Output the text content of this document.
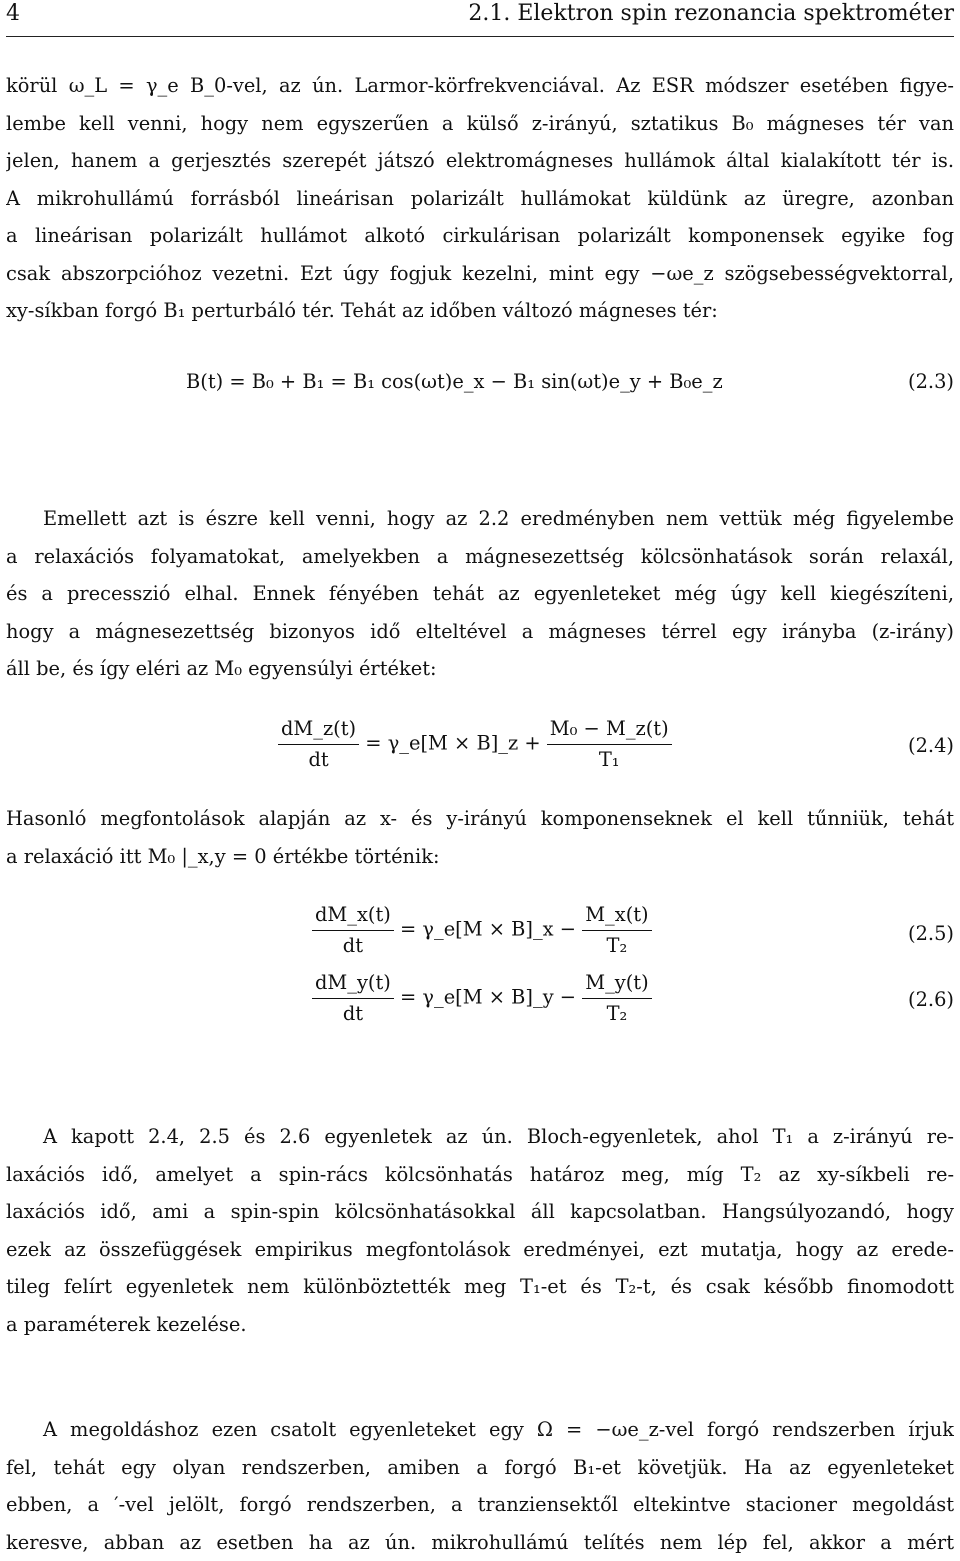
4	2.1. Elektron spin rezonancia spektrométer
körül ω_L = γ_e B_0-vel, az ún. Larmor-körfrekvenciával. Az ESR módszer esetében figye-
lembe kell venni, hogy nem egyszerűen a külső z-irányú, sztatikus B₀ mágneses tér van
jelen, hanem a gerjesztés szerepét játszó elektromágneses hullámok által kialakított tér is.
A mikrohullámú forrásból lineárisan polarizált hullámokat küldünk az üregre, azonban
a lineárisan polarizált hullámot alkotó cirkulárisan polarizált komponensek egyike fog
csak abszorpcióhoz vezetni. Ezt úgy fogjuk kezelni, mint egy −ωe_z szögsebességvektorral,
xy-síkban forgó B₁ perturbáló tér. Tehát az időben változó mágneses tér:
B(t) = B₀ + B₁ = B₁ cos(ωt)e_x − B₁ sin(ωt)e_y + B₀e_z	(2.3)
Emellett azt is észre kell venni, hogy az 2.2 eredményben nem vettük még figyelembe
a relaxációs folyamatokat, amelyekben a mágnesezettség kölcsönhatások során relaxál,
és a precesszió elhal. Ennek fényében tehát az egyenleteket még úgy kell kiegészíteni,
hogy a mágnesezettség bizonyos idő elteltével a mágneses térrel egy irányba (z-irány)
áll be, és így eléri az M₀ egyensúlyi értéket:
$\frac{dM\_z(t)}{dt}$ = γ_e[M × B]_z + $\frac{\text{M₀ − M\_z(t)}}{\text{T₁}}$	(2.4)
Hasonló megfontolások alapján az x- és y-irányú komponenseknek el kell tűnniük, tehát
a relaxáció itt M₀ |_x,y = 0 értékbe történik:
$\frac{dM\_x(t)}{dt}$ = γ_e[M × B]_x − $\frac{M\_x(t)}{\text{T₂}}$	(2.5)
$\frac{dM\_y(t)}{dt}$ = γ_e[M × B]_y − $\frac{M\_y(t)}{\text{T₂}}$	(2.6)
A kapott 2.4, 2.5 és 2.6 egyenletek az ún. Bloch-egyenletek, ahol T₁ a z-irányú re-
laxációs idő, amelyet a spin-rács kölcsönhatás határoz meg, míg T₂ az xy-síkbeli re-
laxációs idő, ami a spin-spin kölcsönhatásokkal áll kapcsolatban. Hangsúlyozandó, hogy
ezek az összefüggések empirikus megfontolások eredményei, ezt mutatja, hogy az erede-
tileg felírt egyenletek nem különböztették meg T₁-et és T₂-t, és csak később finomodott
a paraméterek kezelése.
A megoldáshoz ezen csatolt egyenleteket egy Ω = −ωe_z-vel forgó rendszerben írjuk
fel, tehát egy olyan rendszerben, amiben a forgó B₁-et követjük. Ha az egyenleteket
ebben, a ′-vel jelölt, forgó rendszerben, a tranziensektől eltekintve stacioner megoldást
keresve, abban az esetben ha az ún. mikrohullámú telítés nem lép fel, akkor a mért
